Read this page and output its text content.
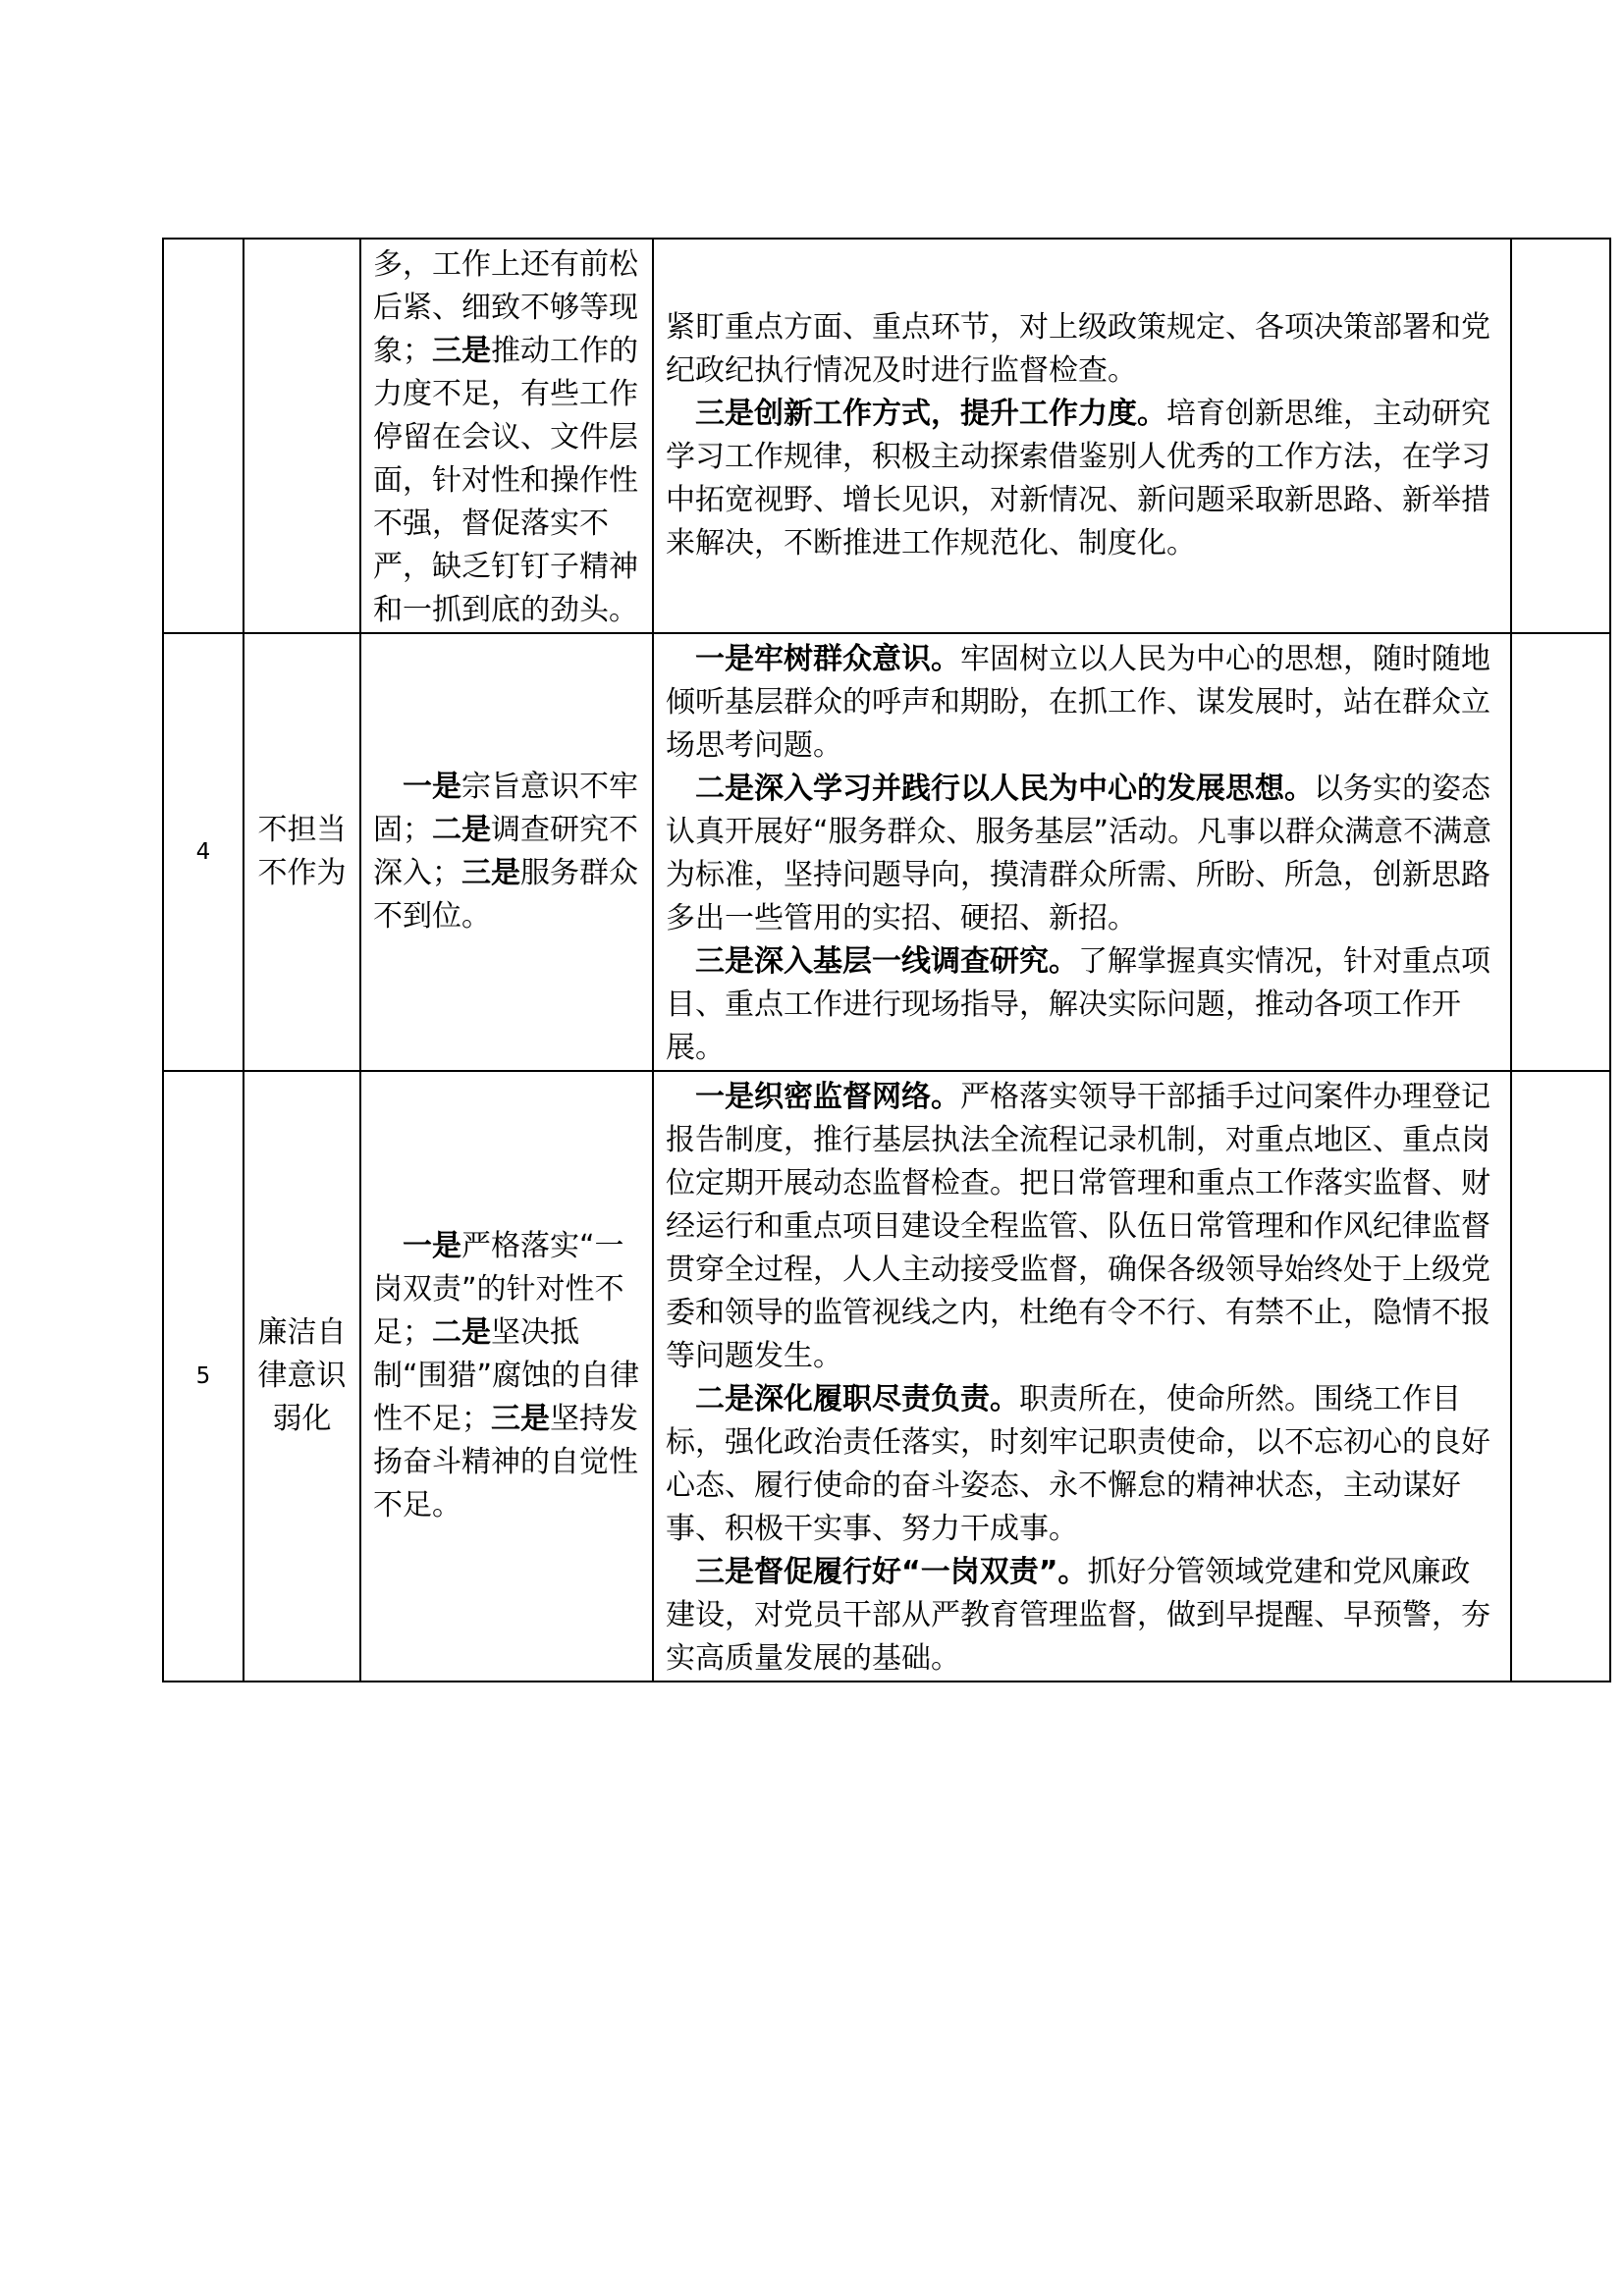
		多，工作上还有前松后紧、细致不够等现象；三是推动工作的力度不足，有些工作停留在会议、文件层面，针对性和操作性不强，督促落实不严，缺乏钉钉子精神和一抓到底的劲头。	紧盯重点方面、重点环节，对上级政策规定、各项决策部署和党纪政纪执行情况及时进行监督检查。

三是创新工作方式，提升工作力度。培育创新思维，主动研究学习工作规律，积极主动探索借鉴别人优秀的工作方法，在学习中拓宽视野、增长见识，对新情况、新问题采取新思路、新举措来解决，不断推进工作规范化、制度化。	

4	不担当不作为	一是宗旨意识不牢固；二是调查研究不深入；三是服务群众不到位。	一是牢树群众意识。牢固树立以人民为中心的思想，随时随地倾听基层群众的呼声和期盼，在抓工作、谋发展时，站在群众立场思考问题。

二是深入学习并践行以人民为中心的发展思想。以务实的姿态认真开展好“服务群众、服务基层”活动。凡事以群众满意不满意为标准，坚持问题导向，摸清群众所需、所盼、所急，创新思路多出一些管用的实招、硬招、新招。

三是深入基层一线调查研究。了解掌握真实情况，针对重点项目、重点工作进行现场指导，解决实际问题，推动各项工作开展。	

5	廉洁自律意识弱化	一是严格落实“一岗双责”的针对性不足；二是坚决抵制“围猎”腐蚀的自律性不足；三是坚持发扬奋斗精神的自觉性不足。	一是织密监督网络。严格落实领导干部插手过问案件办理登记报告制度，推行基层执法全流程记录机制，对重点地区、重点岗位定期开展动态监督检查。把日常管理和重点工作落实监督、财经运行和重点项目建设全程监管、队伍日常管理和作风纪律监督贯穿全过程，人人主动接受监督，确保各级领导始终处于上级党委和领导的监管视线之内，杜绝有令不行、有禁不止，隐情不报等问题发生。

二是深化履职尽责负责。职责所在，使命所然。围绕工作目标，强化政治责任落实，时刻牢记职责使命，以不忘初心的良好心态、履行使命的奋斗姿态、永不懈怠的精神状态，主动谋好事、积极干实事、努力干成事。

三是督促履行好“一岗双责”。抓好分管领域党建和党风廉政建设，对党员干部从严教育管理监督，做到早提醒、早预警，夯实高质量发展的基础。	
